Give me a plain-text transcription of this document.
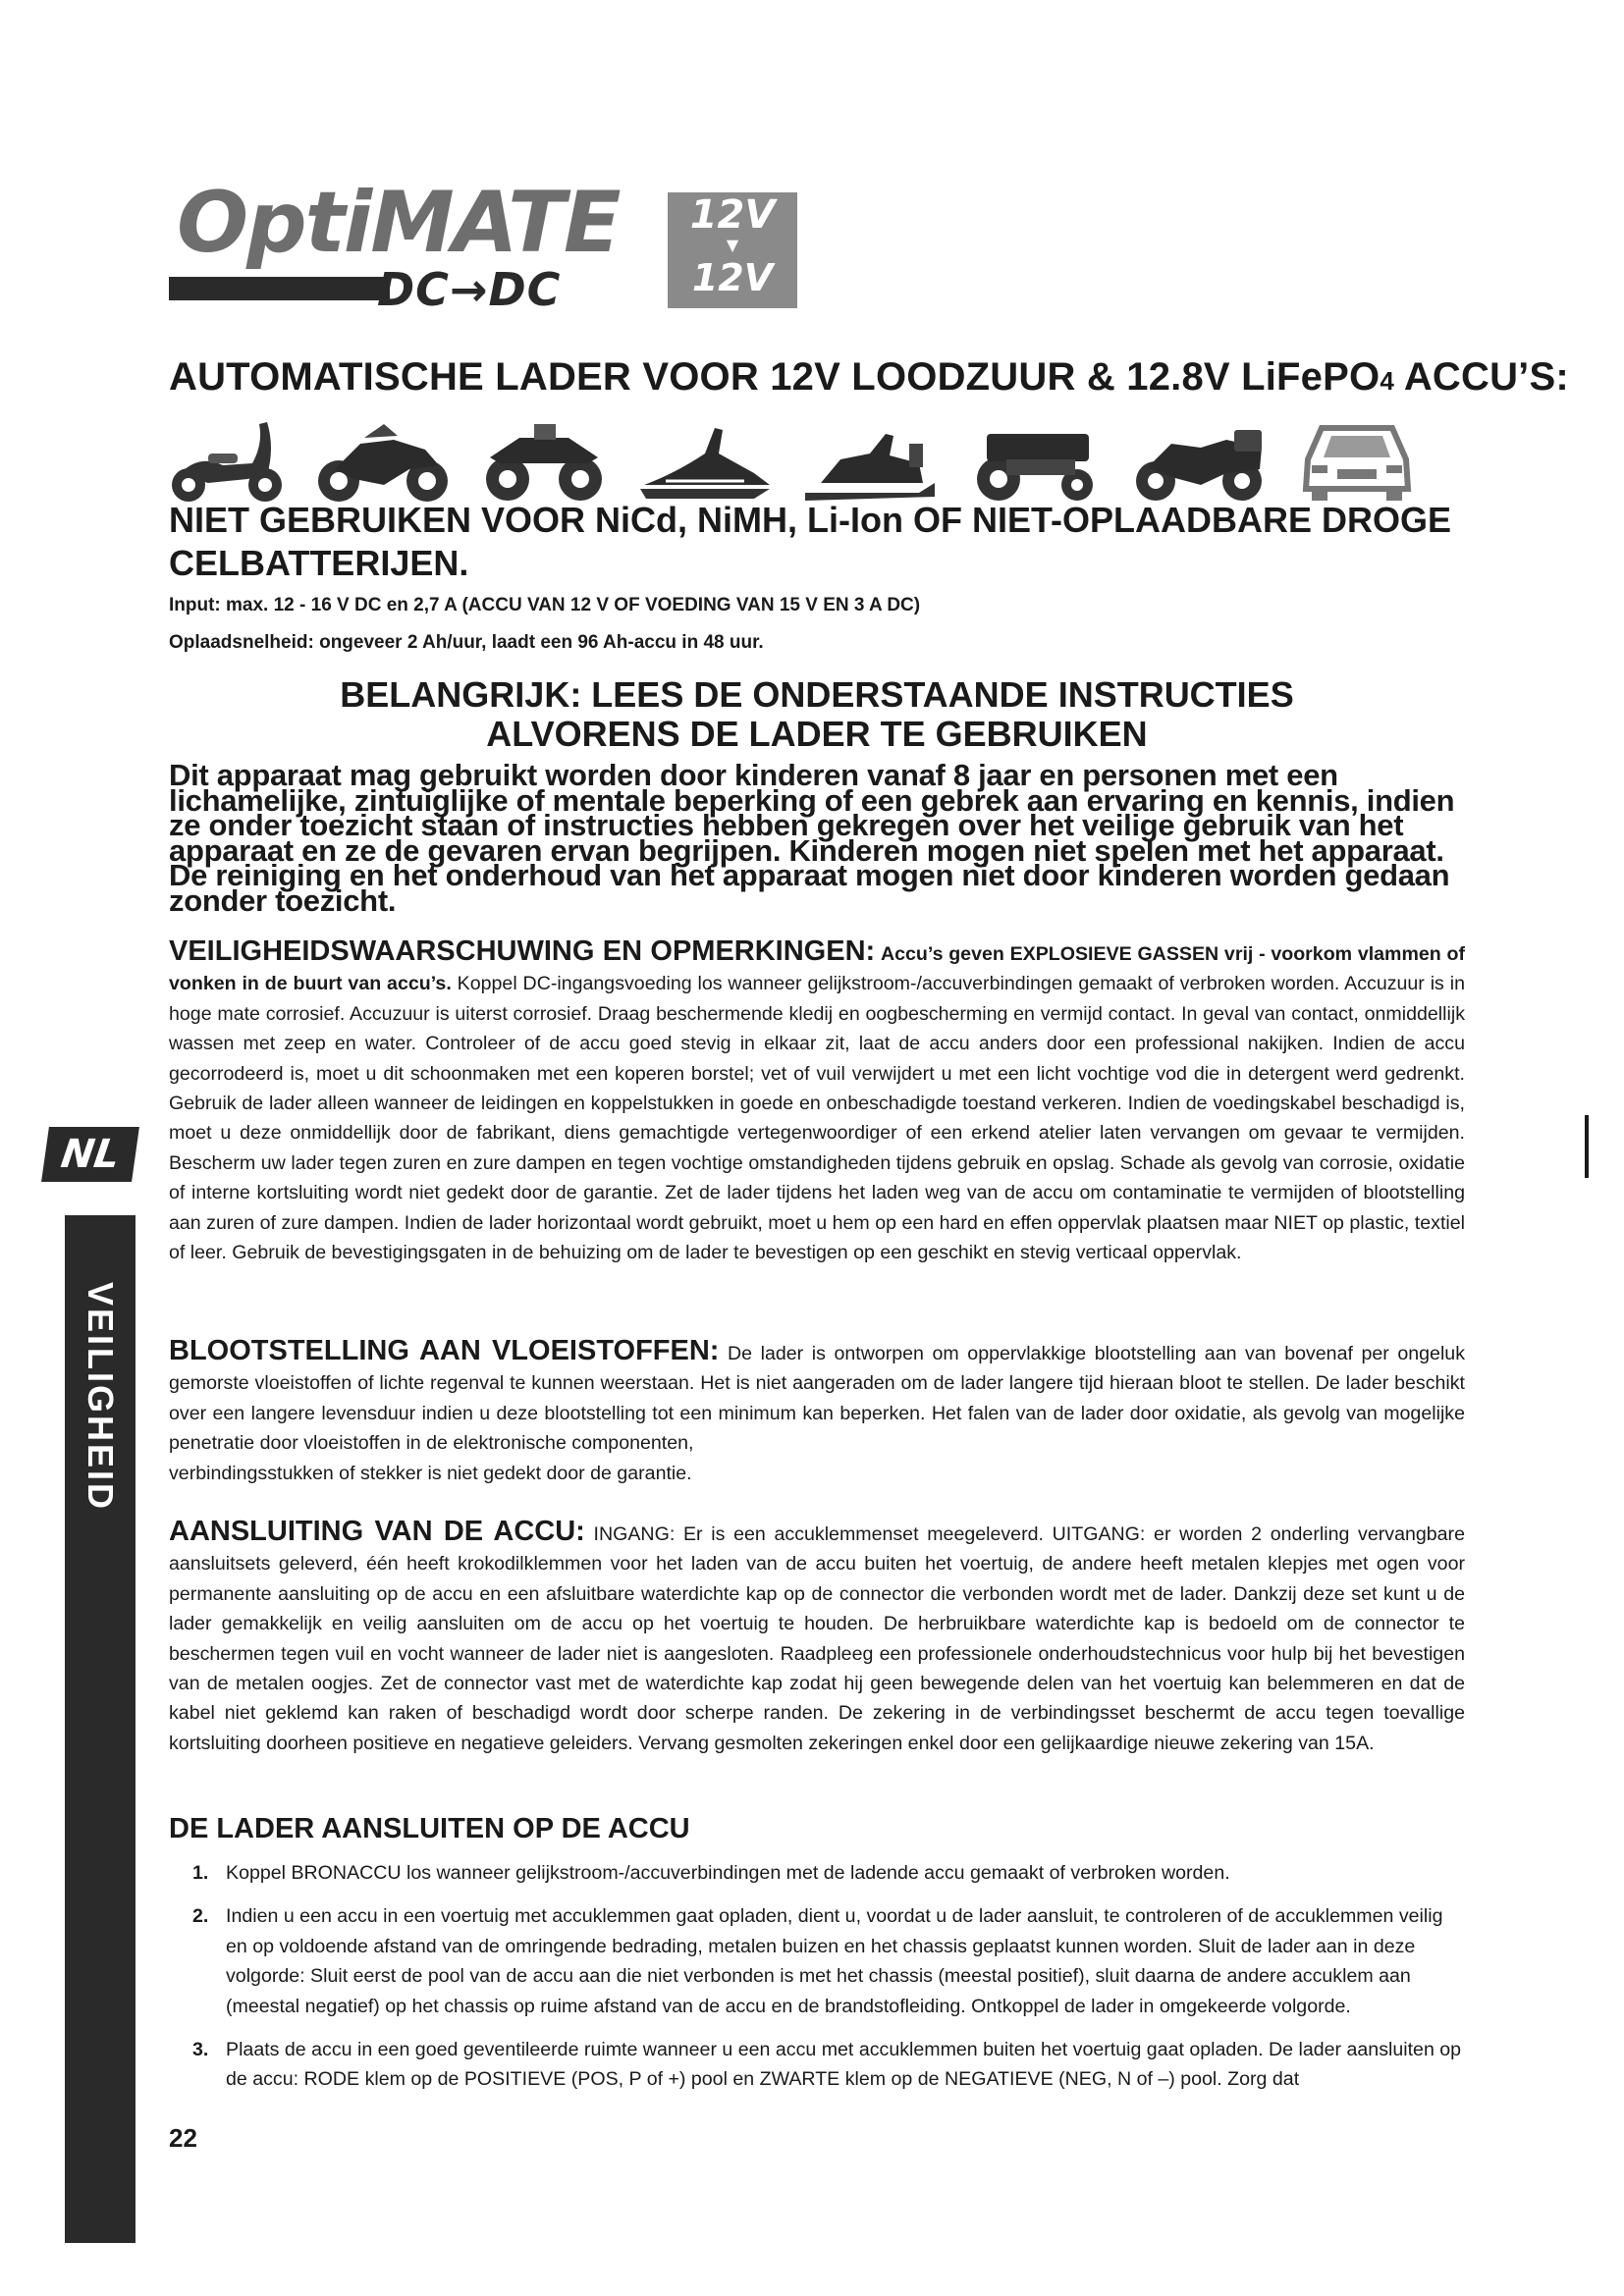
OptiMATE
DC→DC
12V
▼
12V 2A
AUTOMATISCHE LADER VOOR 12V LOODZUUR & 12.8V LiFePO4 ACCU’S:
NIET GEBRUIKEN VOOR NiCd, NiMH, Li-Ion OF NIET-OPLAADBARE DROGE CELBATTERIJEN.
Input: max. 12 - 16 V DC en 2,7 A (ACCU VAN 12 V OF VOEDING VAN 15 V EN 3 A DC)
Oplaadsnelheid: ongeveer 2 Ah/uur, laadt een 96 Ah-accu in 48 uur.
BELANGRIJK: LEES DE ONDERSTAANDE INSTRUCTIES
ALVORENS DE LADER TE GEBRUIKEN
Dit apparaat mag gebruikt worden door kinderen vanaf 8 jaar en personen met een lichamelijke, zintuiglijke of mentale beperking of een gebrek aan ervaring en kennis, indien ze onder toezicht staan of instructies hebben gekregen over het veilige gebruik van het apparaat en ze de gevaren ervan begrijpen. Kinderen mogen niet spelen met het apparaat. De reiniging en het onderhoud van het apparaat mogen niet door kinderen worden gedaan zonder toezicht.
VEILIGHEIDSWAARSCHUWING EN OPMERKINGEN: Accu’s geven EXPLOSIEVE GASSEN vrij - voorkom vlammen of vonken in de buurt van accu’s. Koppel DC-ingangsvoeding los wanneer gelijkstroom-/accuverbindingen gemaakt of verbroken worden. Accuzuur is in hoge mate corrosief. Accuzuur is uiterst corrosief. Draag beschermende kledij en oogbescherming en vermijd contact. In geval van contact, onmiddellijk wassen met zeep en water. Controleer of de accu goed stevig in elkaar zit, laat de accu anders door een professional nakijken. Indien de accu gecorrodeerd is, moet u dit schoonmaken met een koperen borstel; vet of vuil verwijdert u met een licht vochtige vod die in detergent werd gedrenkt. Gebruik de lader alleen wanneer de leidingen en koppelstukken in goede en onbeschadigde toestand verkeren. Indien de voedingskabel beschadigd is, moet u deze onmiddellijk door de fabrikant, diens gemachtigde vertegenwoordiger of een erkend atelier laten vervangen om gevaar te vermijden. Bescherm uw lader tegen zuren en zure dampen en tegen vochtige omstandigheden tijdens gebruik en opslag. Schade als gevolg van corrosie, oxidatie of interne kortsluiting wordt niet gedekt door de garantie. Zet de lader tijdens het laden weg van de accu om contaminatie te vermijden of blootstelling aan zuren of zure dampen. Indien de lader horizontaal wordt gebruikt, moet u hem op een hard en effen oppervlak plaatsen maar NIET op plastic, textiel of leer. Gebruik de bevestigingsgaten in de behuizing om de lader te bevestigen op een geschikt en stevig verticaal oppervlak.
BLOOTSTELLING AAN VLOEISTOFFEN: De lader is ontworpen om oppervlakkige blootstelling aan van bovenaf per ongeluk gemorste vloeistoffen of lichte regenval te kunnen weerstaan. Het is niet aangeraden om de lader langere tijd hieraan bloot te stellen. De lader beschikt over een langere levensduur indien u deze blootstelling tot een minimum kan beperken. Het falen van de lader door oxidatie, als gevolg van mogelijke penetratie door vloeistoffen in de elektronische componenten,
verbindingsstukken of stekker is niet gedekt door de garantie.
AANSLUITING VAN DE ACCU: INGANG: Er is een accuklemmenset meegeleverd. UITGANG: er worden 2 onderling vervangbare aansluitsets geleverd, één heeft krokodilklemmen voor het laden van de accu buiten het voertuig, de andere heeft metalen klepjes met ogen voor permanente aansluiting op de accu en een afsluitbare waterdichte kap op de connector die verbonden wordt met de lader. Dankzij deze set kunt u de lader gemakkelijk en veilig aansluiten om de accu op het voertuig te houden. De herbruikbare waterdichte kap is bedoeld om de connector te beschermen tegen vuil en vocht wanneer de lader niet is aangesloten. Raadpleeg een professionele onderhoudstechnicus voor hulp bij het bevestigen van de metalen oogjes. Zet de connector vast met de waterdichte kap zodat hij geen bewegende delen van het voertuig kan belemmeren en dat de kabel niet geklemd kan raken of beschadigd wordt door scherpe randen. De zekering in de verbindingsset beschermt de accu tegen toevallige kortsluiting doorheen positieve en negatieve geleiders. Vervang gesmolten zekeringen enkel door een gelijkaardige nieuwe zekering van 15A.
DE LADER AANSLUITEN OP DE ACCU
1. Koppel BRONACCU los wanneer gelijkstroom-/accuverbindingen met de ladende accu gemaakt of verbroken worden.
2. Indien u een accu in een voertuig met accuklemmen gaat opladen, dient u, voordat u de lader aansluit, te controleren of de accuklemmen veilig en op voldoende afstand van de omringende bedrading, metalen buizen en het chassis geplaatst kunnen worden. Sluit de lader aan in deze volgorde: Sluit eerst de pool van de accu aan die niet verbonden is met het chassis (meestal positief), sluit daarna de andere accuklem aan (meestal negatief) op het chassis op ruime afstand van de accu en de brandstofleiding. Ontkoppel de lader in omgekeerde volgorde.
3. Plaats de accu in een goed geventileerde ruimte wanneer u een accu met accuklemmen buiten het voertuig gaat opladen. De lader aansluiten op de accu: RODE klem op de POSITIEVE (POS, P of +) pool en ZWARTE klem op de NEGATIEVE (NEG, N of –) pool. Zorg dat
22
NL
VEILIGHEID
